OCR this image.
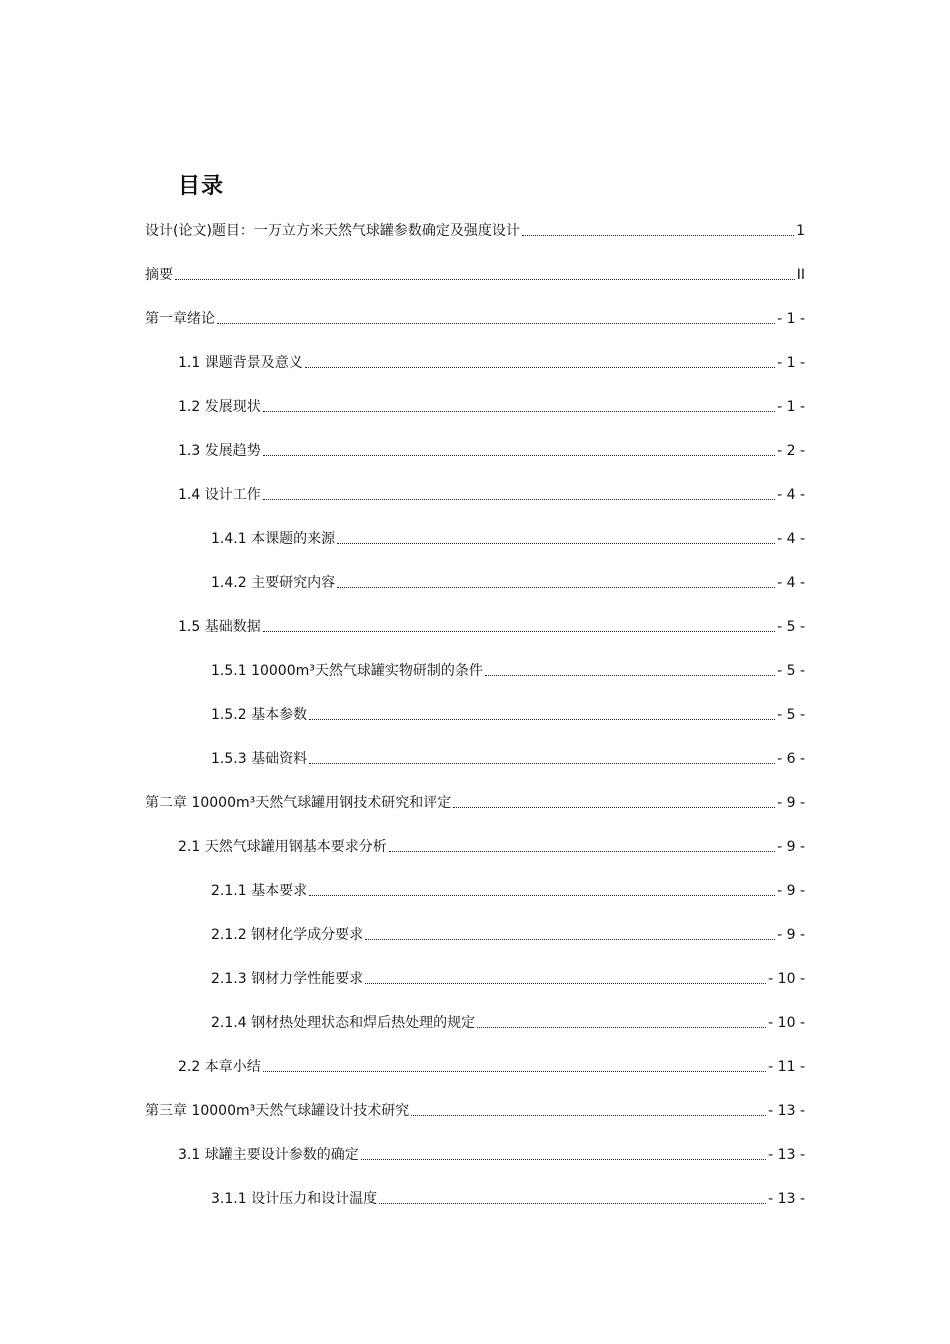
目录
设计(论文)题目：一万立方米天然气球罐参数确定及强度设计	1
摘要	II
第一章绪论	- 1 -
1.1 课题背景及意义	- 1 -
1.2 发展现状	- 1 -
1.3 发展趋势	- 2 -
1.4 设计工作	- 4 -
1.4.1 本课题的来源	- 4 -
1.4.2 主要研究内容	- 4 -
1.5 基础数据	- 5 -
1.5.1 10000m³天然气球罐实物研制的条件	- 5 -
1.5.2 基本参数	- 5 -
1.5.3 基础资料	- 6 -
第二章 10000m³天然气球罐用钢技术研究和评定	- 9 -
2.1 天然气球罐用钢基本要求分析	- 9 -
2.1.1 基本要求	- 9 -
2.1.2 钢材化学成分要求	- 9 -
2.1.3 钢材力学性能要求	- 10 -
2.1.4 钢材热处理状态和焊后热处理的规定	- 10 -
2.2 本章小结	- 11 -
第三章 10000m³天然气球罐设计技术研究	- 13 -
3.1 球罐主要设计参数的确定	- 13 -
3.1.1 设计压力和设计温度	- 13 -
